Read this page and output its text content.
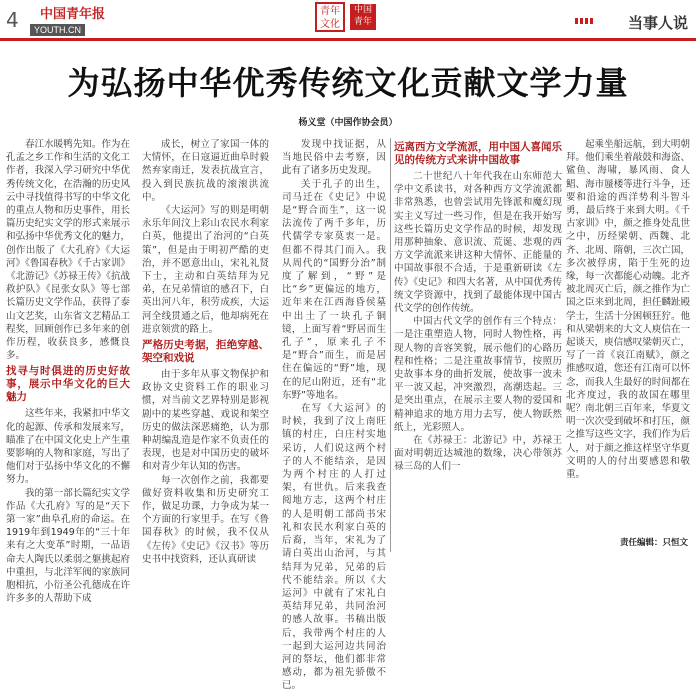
4 中国青年报
YOUTH.CN
青年文化
中国青年	当事人说
为弘扬中华优秀传统文化贡献文学力量
杨义堂（中国作协会员）

春江水暖鸭先知。作为在孔孟之乡工作和生活的文化工作者，我深入学习研究中华优秀传统文化，在浩瀚的历史风云中寻找值得书写的中华文化的重点人物和历史事件，用长篇历史纪实文学的形式来展示和弘扬中华优秀文化的魅力，创作出版了《大孔府》《大运河》《鲁国春秋》《千古家训》《北游记》《苏禄王传》《抗战救护队》《昆张女队》等七部长篇历史文学作品，获得了泰山文艺奖，山东省文艺精品工程奖，回顾创作已多年来的创作历程，收获良多，感慨良多。

找寻与时俱进的历史好故事，展示中华文化的巨大魅力

这些年来，我紧扣中华文化的起源、传承和发展来写，瞄准了在中国文化史上产生重要影响的人物和家庭，写出了他们对于弘扬中华文化的不懈努力。

我的第一部长篇纪实文学作品《大孔府》写的是“天下第一家”曲阜孔府的命运。在1919年到1949年的“三十年来有之大变革”时期，一品语命夫人陶氏以柔弱之躯挑起府中重担，与北洋军阀的家族同胞相抗，小衍圣公孔德成在许许多多的人帮助下成

成长，树立了家国一体的大情怀，在日寇逼近曲阜时毅然弃家南迁，发表抗战宣言，投入到民族抗战的滚滚洪流中。

《大运河》写的则是明朝永乐年间汶上彩山农民水利家白英，他提出了治河的“白英策”，但是由于明初严酷的吏治，并不愿意出山，宋礼礼贤下士，主动和白英结拜为兄弟，在兄弟情谊的感召下，白英出河八年，积劳成疾，大运河全线贯通之后，他却病死在进京领赏的路上。

严格历史考据，拒绝穿越、架空和戏说

由于多年从事文物保护和政协文史资料工作的职业习惯，对当前文艺界特别是影视剧中的某些穿越、戏说和架空历史的做法深恶痛绝，认为那种胡编乱造是作家不负责任的表现，也是对中国历史的破坏和对青少年认知的伤害。

每一次创作之前，我都要做好资料收集和历史研究工作，做足功课，力争成为某一个方面的行家里手。在写《鲁国春秋》的时候，我不仅从《左传》《史记》《汉书》等历史书中找资料，还认真研读

发现中找证据，从当地民俗中去考察，因此有了诸多历史发现。

关于孔子的出生，司马迁在《史记》中说是“野合而生”，这一说法流传了两千多年，历代儒学专家莫衷一是。但都不得其门而入。我从周代的“国野分治”制度了解到，“野”是比“乡”更偏远的地方，近年来在江西海昏侯墓中出土了一块孔子铜镜，上面写着“野居而生孔子”，原来孔子不是“野合”而生，而是居住在偏远的“野”地，现在的尼山附近，还有“北东野”等地名。

在写《大运河》的时候，我到了汶上南旺镇的村庄，白庄村实地采访，人们说这两个村子的人不能结亲，是因为两个村庄的人打过架，有世仇。后来我查阅地方志，这两个村庄的人是明朝工部尚书宋礼和农民水利家白英的后裔，当年，宋礼为了请白英出山治河，与其结拜为兄弟，兄弟的后代不能结亲。所以《大运河》中就有了宋礼白英结拜兄弟，共同治河的感人故事。书稿出版后，我带两个村庄的人一起到大运河边共同治河的祭坛，他们都非常感动，都为祖先骄傲不已。

远离西方文学流派，用中国人喜闻乐见的传统方式来讲中国故事

二十世纪八十年代我在山东师范大学中文系读书，对各种西方文学流派都非常熟悉，也曾尝试用先锋派和魔幻现实主义写过一些习作，但是在我开始写这些长篇历史文学作品的时候，却发现用那种抽象、意识流、荒诞、悲观的西方文学流派来讲这种大情怀、正能量的中国故事很不合适，于是重新研读《左传》《史记》和四大名著，从中国优秀传统文学资源中，找到了最能体现中国古代文学的创作传统。

中国古代文学的创作有三个特点：一是注重塑造人物，同时人物性格，再现人物的音容笑貌，展示他们的心路历程和性格；二是注重故事情节，按照历史故事本身的曲折发展，使故事一波未平一波又起，冲突激烈，高潮迭起。三是突出重点，在展示主要人物的爱国和精神追求的地方用力去写，使人物跃然纸上，光彩照人。

在《苏禄王：北游记》中，苏禄王面对明朝近达城池的数缘，决心带领苏禄三岛的人们一

起乘坐船远航，到大明朝拜。他们乘坐着敲鼓和海盗、鲨鱼、海啸，暴风雨、食人鲳、海市蜃楼等进行斗争，还要和沿途的西洋势利斗智斗勇，最后终于来到大明。《千古家训》中，颜之推身处乱世之中，历经梁朝、西魏、北齐、北周、隋朝，三次亡国，多次被俘虏，陷于生死的边缘，每一次都能心动魄。北齐被北周灭亡后，颜之推作为亡国之臣来到北周，担任麟趾殿学士，生活十分困顿狂狞。他和从梁朝来的大文人庾信在一起谈天，庾信感叹梁朝灭亡，写了一首《哀江南赋》，颜之推感叹道，您还有江南可以怀念，而我人生最好的时间都在北齐度过，我的故国在哪里呢？南北朝三百年来，华夏文明一次次受到破坏和打压，颜之推写这些文字，我们作为后人，对于颜之推这样坚守华夏文明的人的付出要感恩和敬重。

责任编辑：只恒文
